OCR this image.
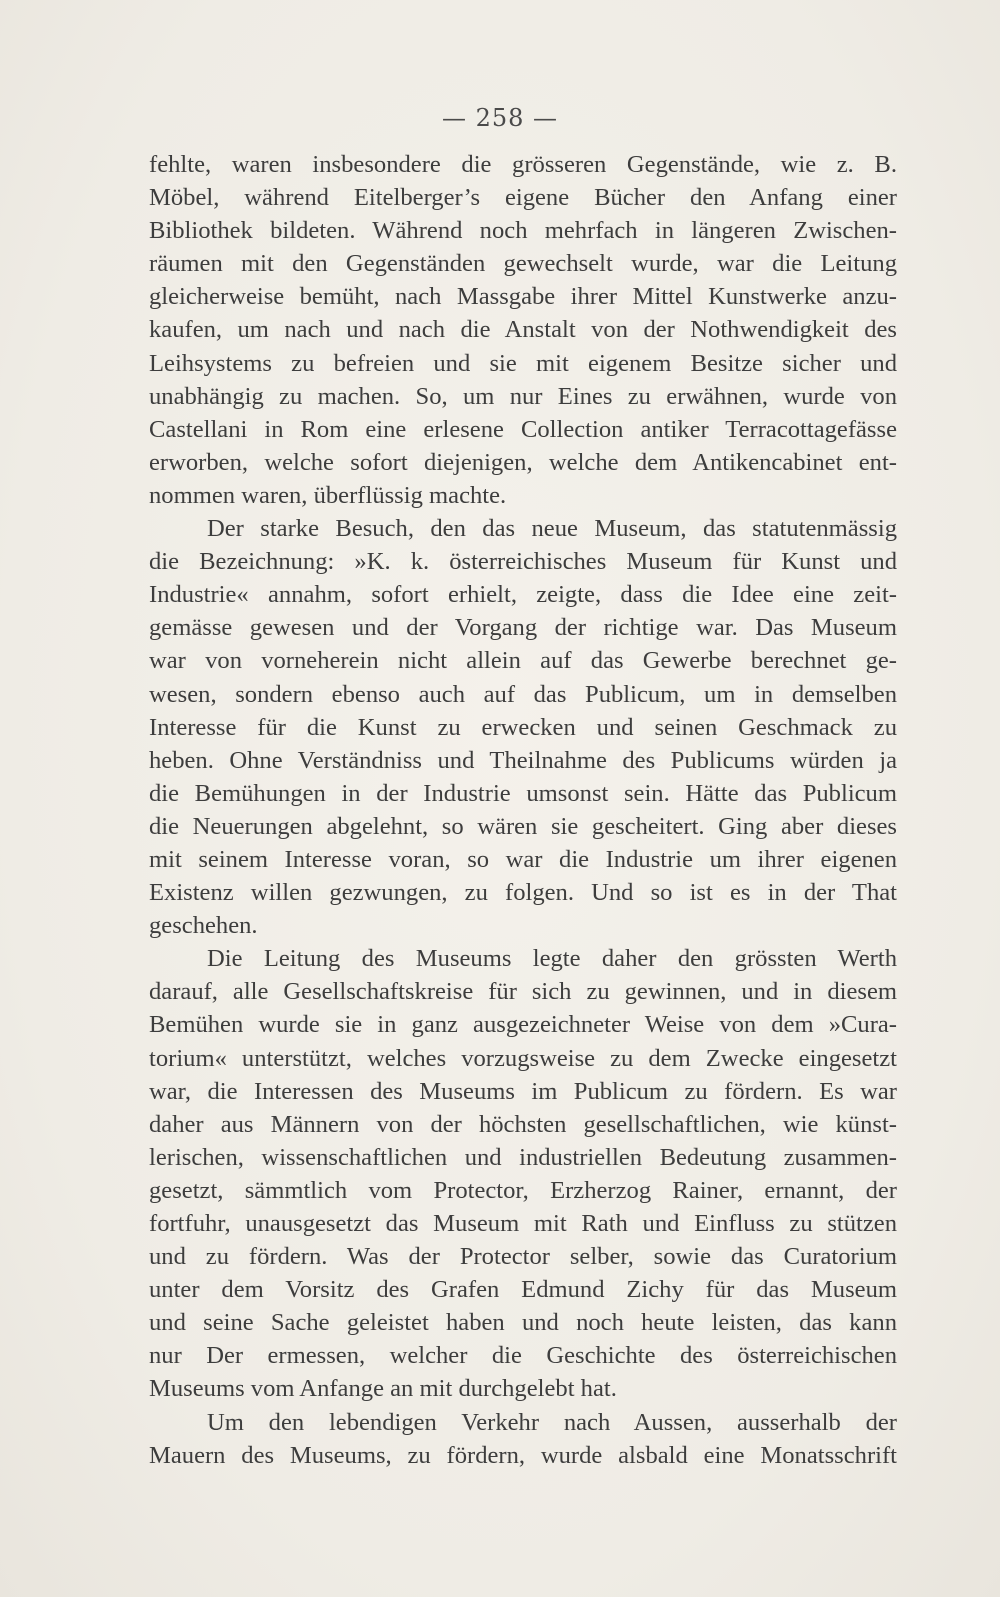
— 258 —
fehlte, waren insbesondere die grösseren Gegenstände, wie z. B.
Möbel, während Eitelberger’s eigene Bücher den Anfang einer
Bibliothek bildeten. Während noch mehrfach in längeren Zwischen-
räumen mit den Gegenständen gewechselt wurde, war die Leitung
gleicherweise bemüht, nach Massgabe ihrer Mittel Kunstwerke anzu-
kaufen, um nach und nach die Anstalt von der Nothwendigkeit des
Leihsystems zu befreien und sie mit eigenem Besitze sicher und
unabhängig zu machen. So, um nur Eines zu erwähnen, wurde von
Castellani in Rom eine erlesene Collection antiker Terracottagefässe
erworben, welche sofort diejenigen, welche dem Antikencabinet ent-
nommen waren, überflüssig machte.
Der starke Besuch, den das neue Museum, das statutenmässig
die Bezeichnung: »K. k. österreichisches Museum für Kunst und
Industrie« annahm, sofort erhielt, zeigte, dass die Idee eine zeit-
gemässe gewesen und der Vorgang der richtige war. Das Museum
war von vorneherein nicht allein auf das Gewerbe berechnet ge-
wesen, sondern ebenso auch auf das Publicum, um in demselben
Interesse für die Kunst zu erwecken und seinen Geschmack zu
heben. Ohne Verständniss und Theilnahme des Publicums würden ja
die Bemühungen in der Industrie umsonst sein. Hätte das Publicum
die Neuerungen abgelehnt, so wären sie gescheitert. Ging aber dieses
mit seinem Interesse voran, so war die Industrie um ihrer eigenen
Existenz willen gezwungen, zu folgen. Und so ist es in der That
geschehen.
Die Leitung des Museums legte daher den grössten Werth
darauf, alle Gesellschaftskreise für sich zu gewinnen, und in diesem
Bemühen wurde sie in ganz ausgezeichneter Weise von dem »Cura-
torium« unterstützt, welches vorzugsweise zu dem Zwecke eingesetzt
war, die Interessen des Museums im Publicum zu fördern. Es war
daher aus Männern von der höchsten gesellschaftlichen, wie künst-
lerischen, wissenschaftlichen und industriellen Bedeutung zusammen-
gesetzt, sämmtlich vom Protector, Erzherzog Rainer, ernannt, der
fortfuhr, unausgesetzt das Museum mit Rath und Einfluss zu stützen
und zu fördern. Was der Protector selber, sowie das Curatorium
unter dem Vorsitz des Grafen Edmund Zichy für das Museum
und seine Sache geleistet haben und noch heute leisten, das kann
nur Der ermessen, welcher die Geschichte des österreichischen
Museums vom Anfange an mit durchgelebt hat.
Um den lebendigen Verkehr nach Aussen, ausserhalb der
Mauern des Museums, zu fördern, wurde alsbald eine Monatsschrift
